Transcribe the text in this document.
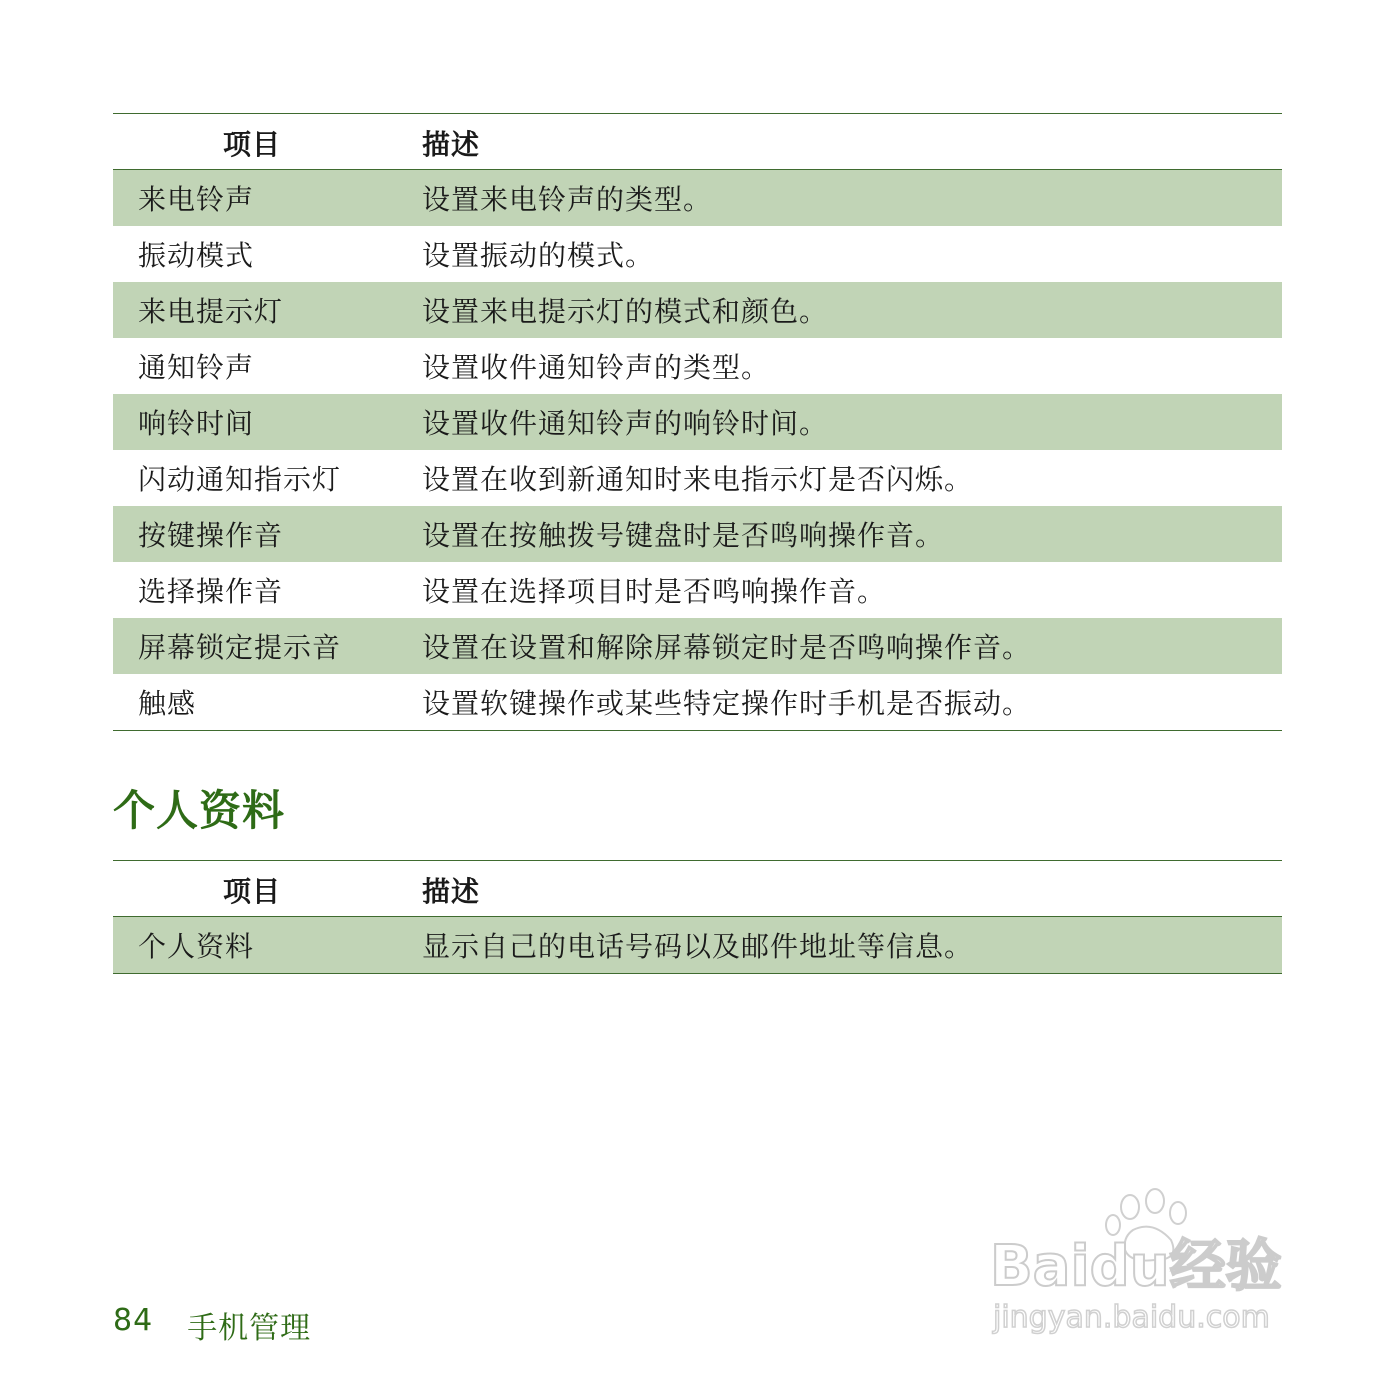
项目	描述
来电铃声	设置来电铃声的类型。
振动模式	设置振动的模式。
来电提示灯	设置来电提示灯的模式和颜色。
通知铃声	设置收件通知铃声的类型。
响铃时间	设置收件通知铃声的响铃时间。
闪动通知指示灯	设置在收到新通知时来电指示灯是否闪烁。
按键操作音	设置在按触拨号键盘时是否鸣响操作音。
选择操作音	设置在选择项目时是否鸣响操作音。
屏幕锁定提示音	设置在设置和解除屏幕锁定时是否鸣响操作音。
触感	设置软键操作或某些特定操作时手机是否振动。
个人资料
项目	描述
个人资料	显示自己的电话号码以及邮件地址等信息。
84 手机管理
Baidu经验
jingyan.baidu.com
